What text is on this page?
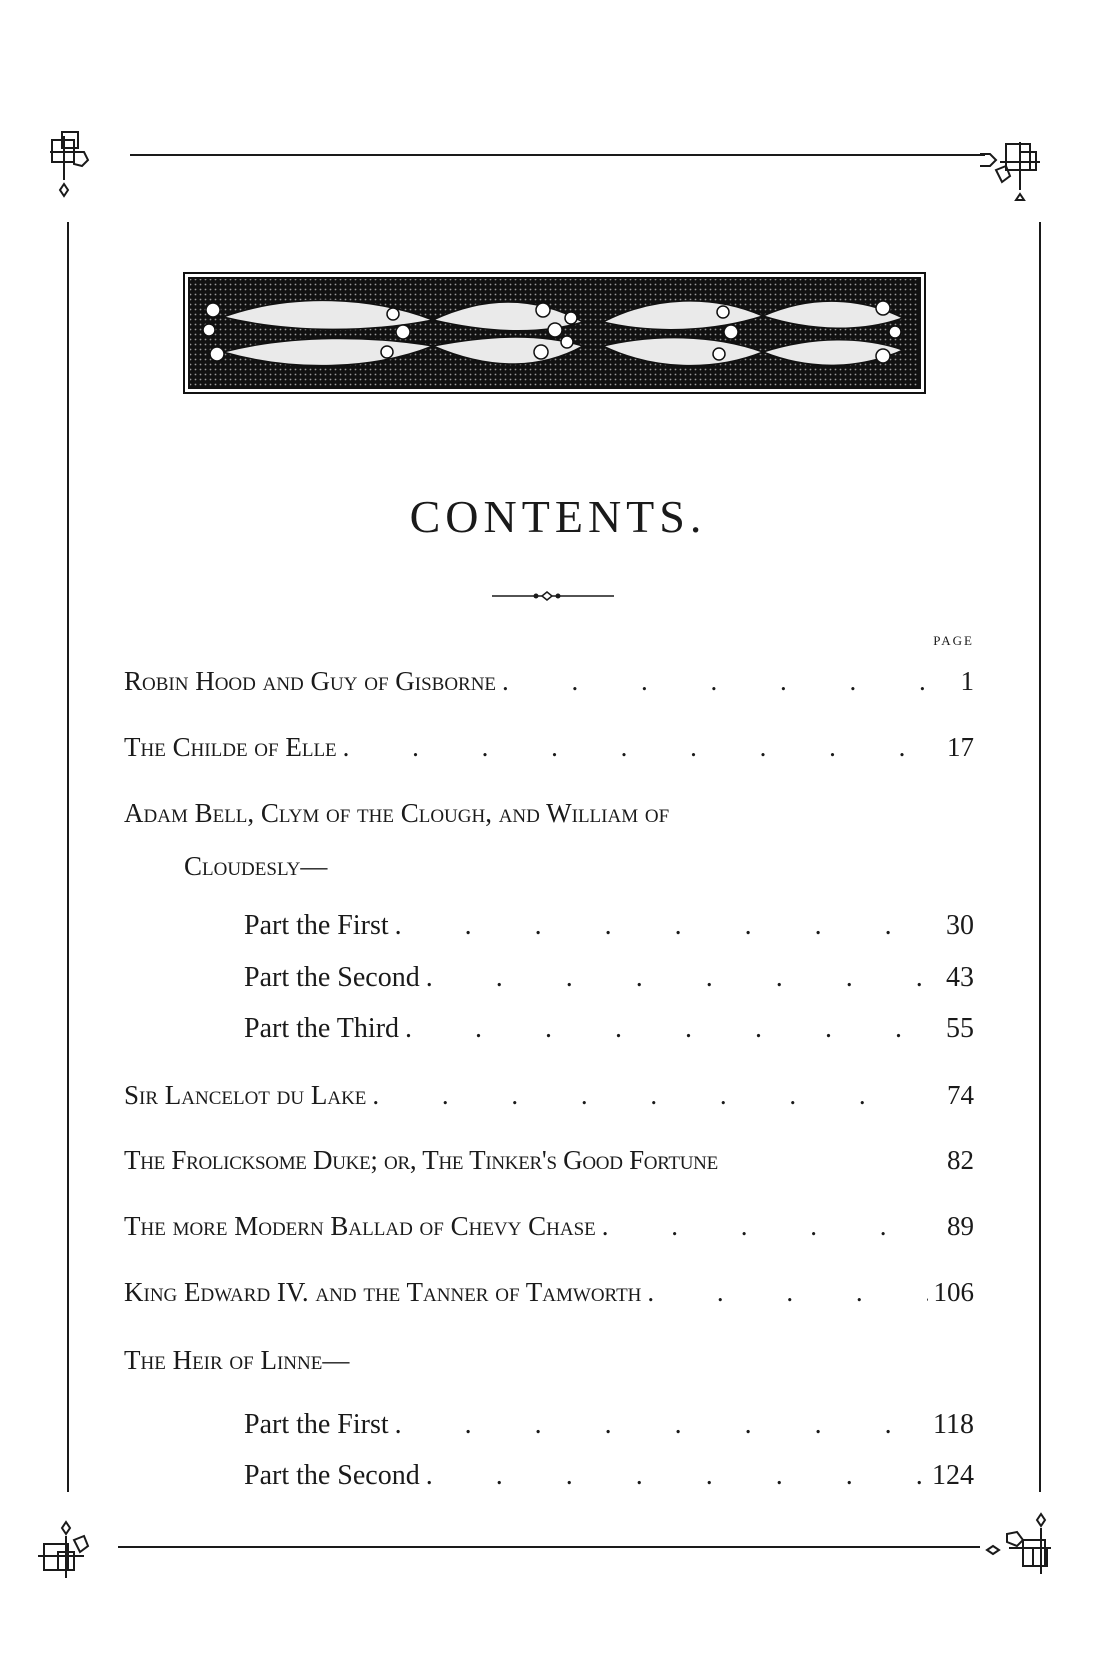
CONTENTS.
PAGE
Robin Hood and Guy of Gisborne . . .	1
The Childe of Elle . . .	17
Adam Bell, Clym of the Clough, and William of
Cloudesly—
Part the First . . .	30
Part the Second . . .	43
Part the Third . . .	55
Sir Lancelot du Lake . . .	74
The Frolicksome Duke; or, The Tinker's Good Fortune	82
The more Modern Ballad of Chevy Chase . . .	89
King Edward IV. and the Tanner of Tamworth . . .	106
The Heir of Linne—
Part the First . . .	118
Part the Second . . .	124
